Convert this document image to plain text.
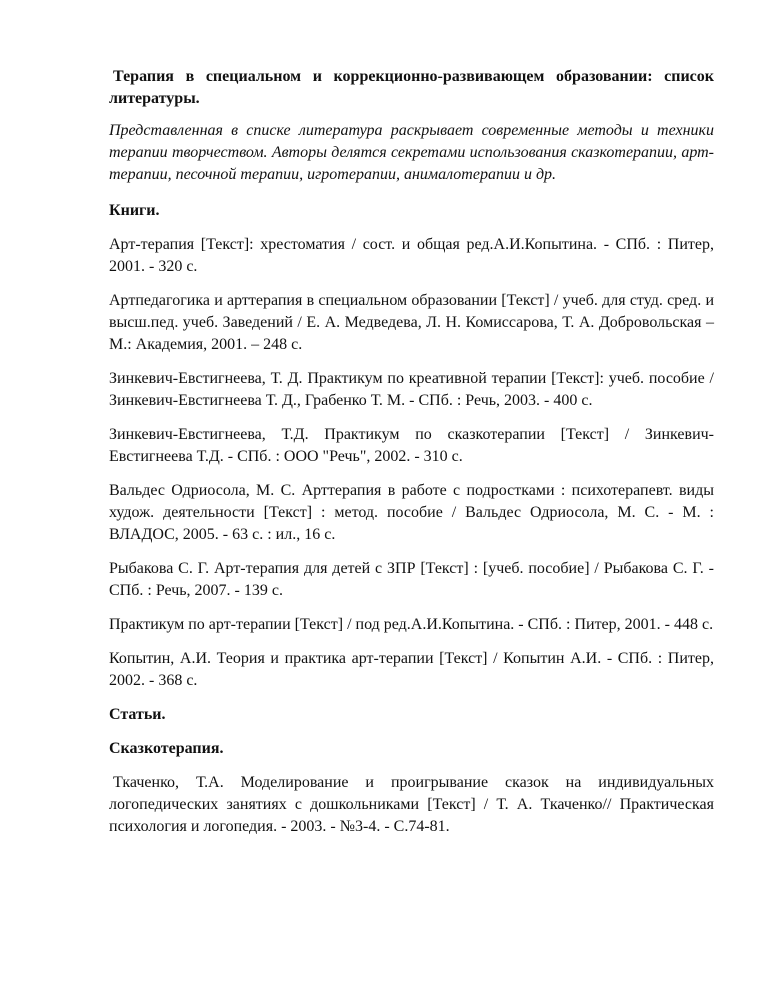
Терапия в специальном и коррекционно-развивающем образовании: список литературы.

Представленная в списке литература раскрывает современные методы и техники терапии творчеством. Авторы делятся секретами использования сказкотерапии, арт-терапии, песочной терапии, игротерапии, анималотерапии и др.

Книги.

Арт-терапия [Текст]: хрестоматия / сост. и общая ред.А.И.Копытина. - СПб. : Питер, 2001. - 320 с.

Артпедагогика и арттерапия в специальном образовании [Текст] / учеб. для студ. сред. и высш.пед. учеб. Заведений / Е. А. Медведева, Л. Н. Комиссарова, Т. А. Добровольская – М.: Академия, 2001. – 248 с.

Зинкевич-Евстигнеева, Т. Д. Практикум по креативной терапии [Текст]: учеб. пособие / Зинкевич-Евстигнеева Т. Д., Грабенко Т. М. - СПб. : Речь, 2003. - 400 с.

Зинкевич-Евстигнеева, Т.Д. Практикум по сказкотерапии [Текст] / Зинкевич-Евстигнеева Т.Д. - СПб. : ООО "Речь", 2002. - 310 с.

Вальдес Одриосола, М. С. Арттерапия в работе с подростками : психотерапевт. виды худож. деятельности [Текст] : метод. пособие / Вальдес Одриосола, М. С. - М. : ВЛАДОС, 2005. - 63 с. : ил., 16 с.

Рыбакова С. Г. Арт-терапия для детей с ЗПР [Текст] : [учеб. пособие] / Рыбакова С. Г. - СПб. : Речь, 2007. - 139 с.

Практикум по арт-терапии [Текст] / под ред.А.И.Копытина. - СПб. : Питер, 2001. - 448 с.

Копытин, А.И. Теория и практика арт-терапии [Текст] / Копытин А.И. - СПб. : Питер, 2002. - 368 с.

Статьи.

Сказкотерапия.

Ткаченко, Т.А. Моделирование и проигрывание сказок на индивидуальных логопедических занятиях с дошкольниками [Текст] / Т. А. Ткаченко// Практическая психология и логопедия. - 2003. - №3-4. - С.74-81.
